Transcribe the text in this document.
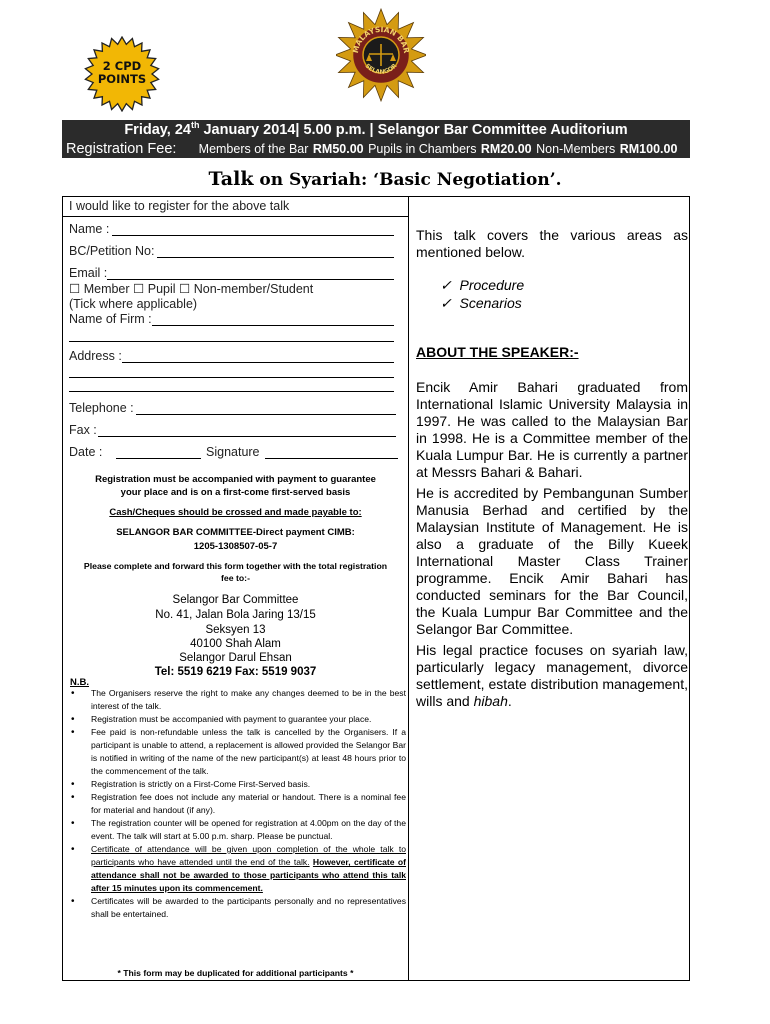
2 CPD
POINTS
MALAYSIAN BAR
SELANGOR
Friday, 24th January 2014| 5.00 p.m. | Selangor Bar Committee Auditorium
Registration Fee: Members of the Bar RM50.00 Pupils in Chambers RM20.00 Non-Members RM100.00
Talk on Syariah: ‘Basic Negotiation’.
I would like to register for the above talk
Name :
BC/Petition No:
Email :
☐ Member ☐ Pupil ☐ Non-member/Student
(Tick where applicable)
Name of Firm :
Address :
Telephone :
Fax :
Date :	Signature
Registration must be accompanied with payment to guarantee
your place and is on a first-come first-served basis
Cash/Cheques should be crossed and made payable to:
SELANGOR BAR COMMITTEE-Direct payment CIMB:
1205-1308507-05-7
Please complete and forward this form together with the total registration
fee to:-
Selangor Bar Committee
No. 41, Jalan Bola Jaring 13/15
Seksyen 13
40100 Shah Alam
Selangor Darul Ehsan
Tel: 5519 6219 Fax: 5519 9037
N.B.
• The Organisers reserve the right to make any changes deemed to be in the best interest of the talk.
• Registration must be accompanied with payment to guarantee your place.
• Fee paid is non-refundable unless the talk is cancelled by the Organisers. If a participant is unable to attend, a replacement is allowed provided the Selangor Bar is notified in writing of the name of the new participant(s) at least 48 hours prior to the commencement of the talk.
• Registration is strictly on a First-Come First-Served basis.
• Registration fee does not include any material or handout. There is a nominal fee for material and handout (if any).
• The registration counter will be opened for registration at 4.00pm on the day of the event. The talk will start at 5.00 p.m. sharp. Please be punctual.
• Certificate of attendance will be given upon completion of the whole talk to participants who have attended until the end of the talk. However, certificate of attendance shall not be awarded to those participants who attend this talk after 15 minutes upon its commencement.
• Certificates will be awarded to the participants personally and no representatives shall be entertained.
* This form may be duplicated for additional participants *
This talk covers the various areas as mentioned below.
✓ Procedure
✓ Scenarios
ABOUT THE SPEAKER:-

Encik Amir Bahari graduated from International Islamic University Malaysia in 1997. He was called to the Malaysian Bar in 1998. He is a Committee member of the Kuala Lumpur Bar. He is currently a partner at Messrs Bahari & Bahari.

He is accredited by Pembangunan Sumber Manusia Berhad and certified by the Malaysian Institute of Management. He is also a graduate of the Billy Kueek International Master Class Trainer programme. Encik Amir Bahari has conducted seminars for the Bar Council, the Kuala Lumpur Bar Committee and the Selangor Bar Committee.

His legal practice focuses on syariah law, particularly legacy management, divorce settlement, estate distribution management, wills and hibah.
